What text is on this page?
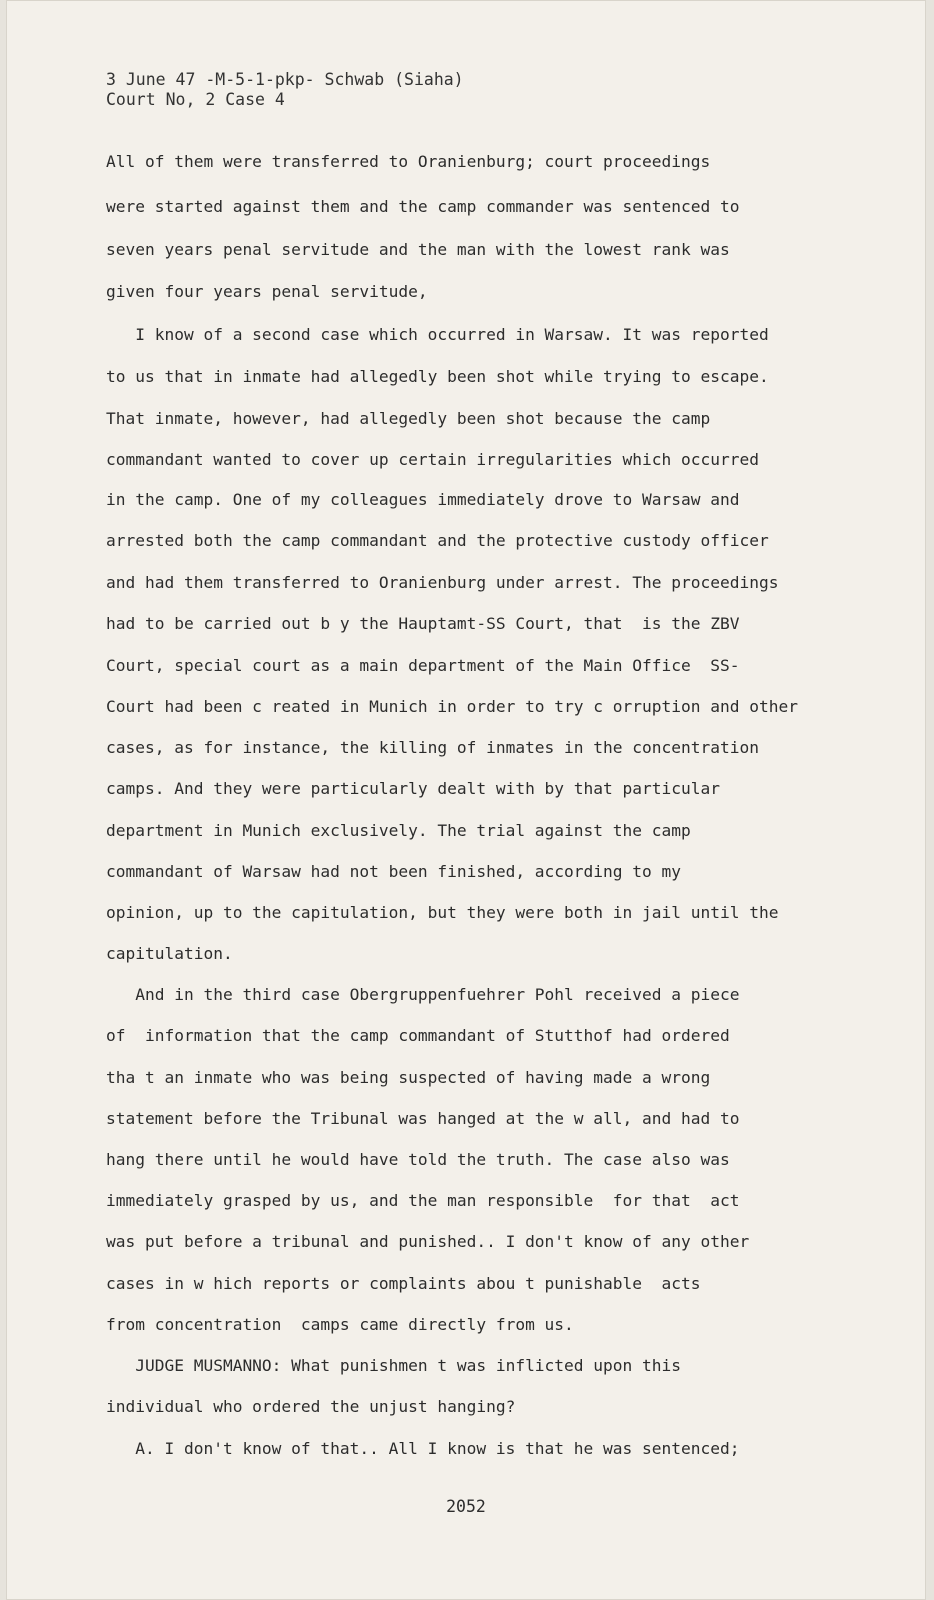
3 June 47 -M-5-1-pkp- Schwab (Siaha)
Court No, 2 Case 4
All of them were transferred to Oranienburg; court proceedings
were started against them and the camp commander was sentenced to
seven years penal servitude and the man with the lowest rank was
given four years penal servitude,
I know of a second case which occurred in Warsaw. It was reported
to us that in inmate had allegedly been shot while trying to escape.
That inmate, however, had allegedly been shot because the camp
commandant wanted to cover up certain irregularities which occurred
in the camp. One of my colleagues immediately drove to Warsaw and
arrested both the camp commandant and the protective custody officer
and had them transferred to Oranienburg under arrest. The proceedings
had to be carried out b y the Hauptamt-SS Court, that  is the ZBV
Court, special court as a main department of the Main Office  SS-
Court had been c reated in Munich in order to try c orruption and other
cases, as for instance, the killing of inmates in the concentration
camps. And they were particularly dealt with by that particular
department in Munich exclusively. The trial against the camp
commandant of Warsaw had not been finished, according to my
opinion, up to the capitulation, but they were both in jail until the
capitulation.
And in the third case Obergruppenfuehrer Pohl received a piece
of  information that the camp commandant of Stutthof had ordered
tha t an inmate who was being suspected of having made a wrong
statement before the Tribunal was hanged at the w all, and had to
hang there until he would have told the truth. The case also was
immediately grasped by us, and the man responsible  for that  act
was put before a tribunal and punished.. I don't know of any other
cases in w hich reports or complaints abou t punishable  acts
from concentration  camps came directly from us.
JUDGE MUSMANNO: What punishmen t was inflicted upon this
individual who ordered the unjust hanging?
A. I don't know of that.. All I know is that he was sentenced;
2052
